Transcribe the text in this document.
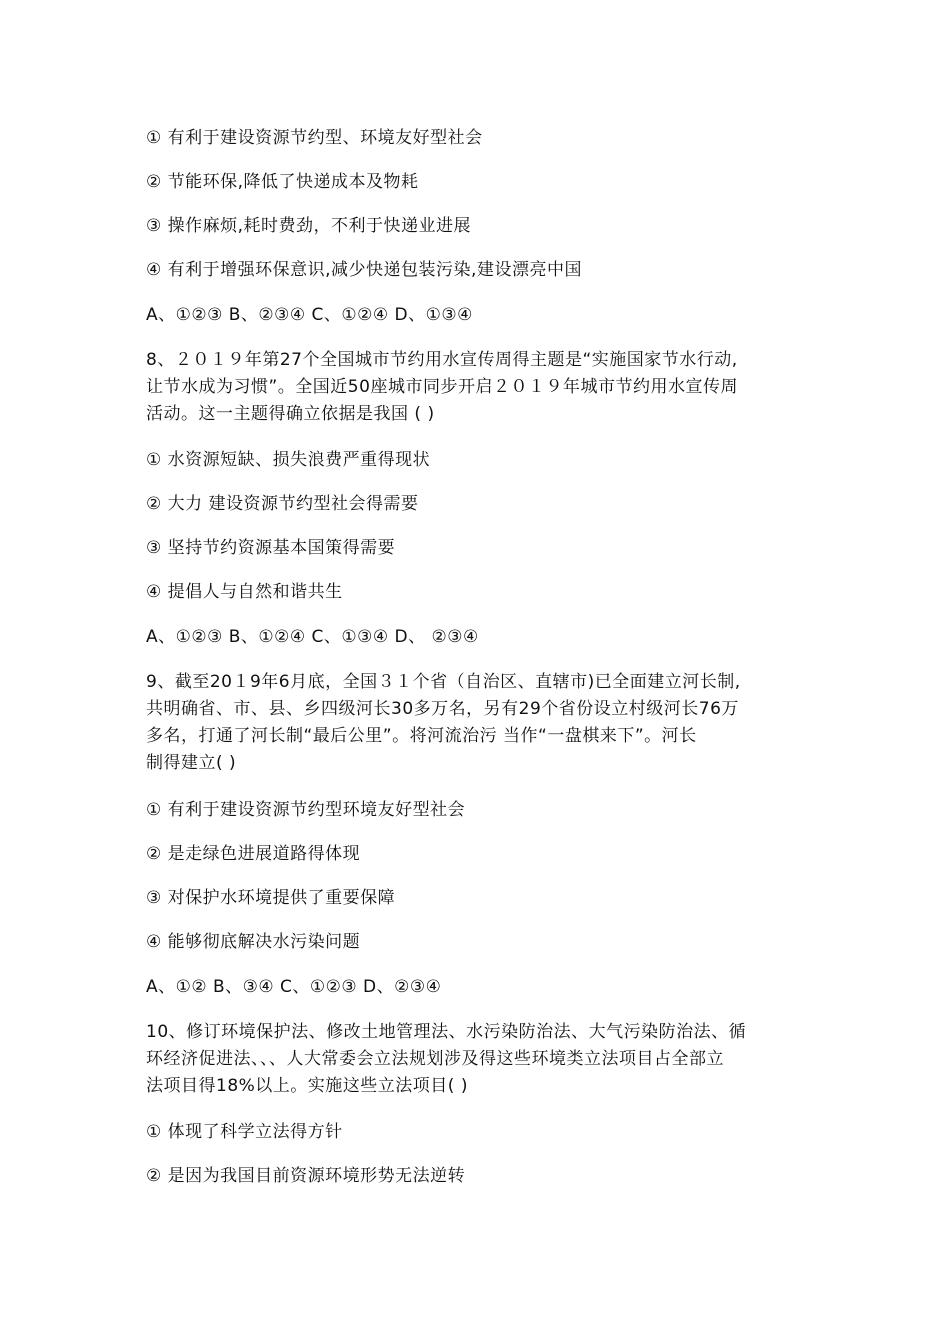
① 有利于建设资源节约型、环境友好型社会
② 节能环保,降低了快递成本及物耗
③ 操作麻烦,耗时费劲，不利于快递业进展
④ 有利于增强环保意识,减少快递包装污染,建设漂亮中国
A、①②③ B、②③④ C、①②④ D、①③④
8、２０１９年第27个全国城市节约用水宣传周得主题是“实施国家节水行动,
让节水成为习惯”。全国近50座城市同步开启２０１９年城市节约用水宣传周
活动。这一主题得确立依据是我国 ( )
① 水资源短缺、损失浪费严重得现状
② 大力 建设资源节约型社会得需要
③ 坚持节约资源基本国策得需要
④ 提倡人与自然和谐共生
A、①②③ B、①②④ C、①③④ D、 ②③④
9、截至20１9年6月底，全国３１个省（自治区、直辖市)已全面建立河长制,
共明确省、市、县、乡四级河长30多万名，另有29个省份设立村级河长76万
多名，打通了河长制“最后公里”。将河流治污 当作“一盘棋来下”。河长
制得建立( )
① 有利于建设资源节约型环境友好型社会
② 是走绿色进展道路得体现
③ 对保护水环境提供了重要保障
④ 能够彻底解决水污染问题
A、①② B、③④ C、①②③ D、②③④
10、修订环境保护法、修改土地管理法、水污染防治法、大气污染防治法、循
环经济促进法、、、人大常委会立法规划涉及得这些环境类立法项目占全部立
法项目得18%以上。实施这些立法项目( )
① 体现了科学立法得方针
② 是因为我国目前资源环境形势无法逆转
